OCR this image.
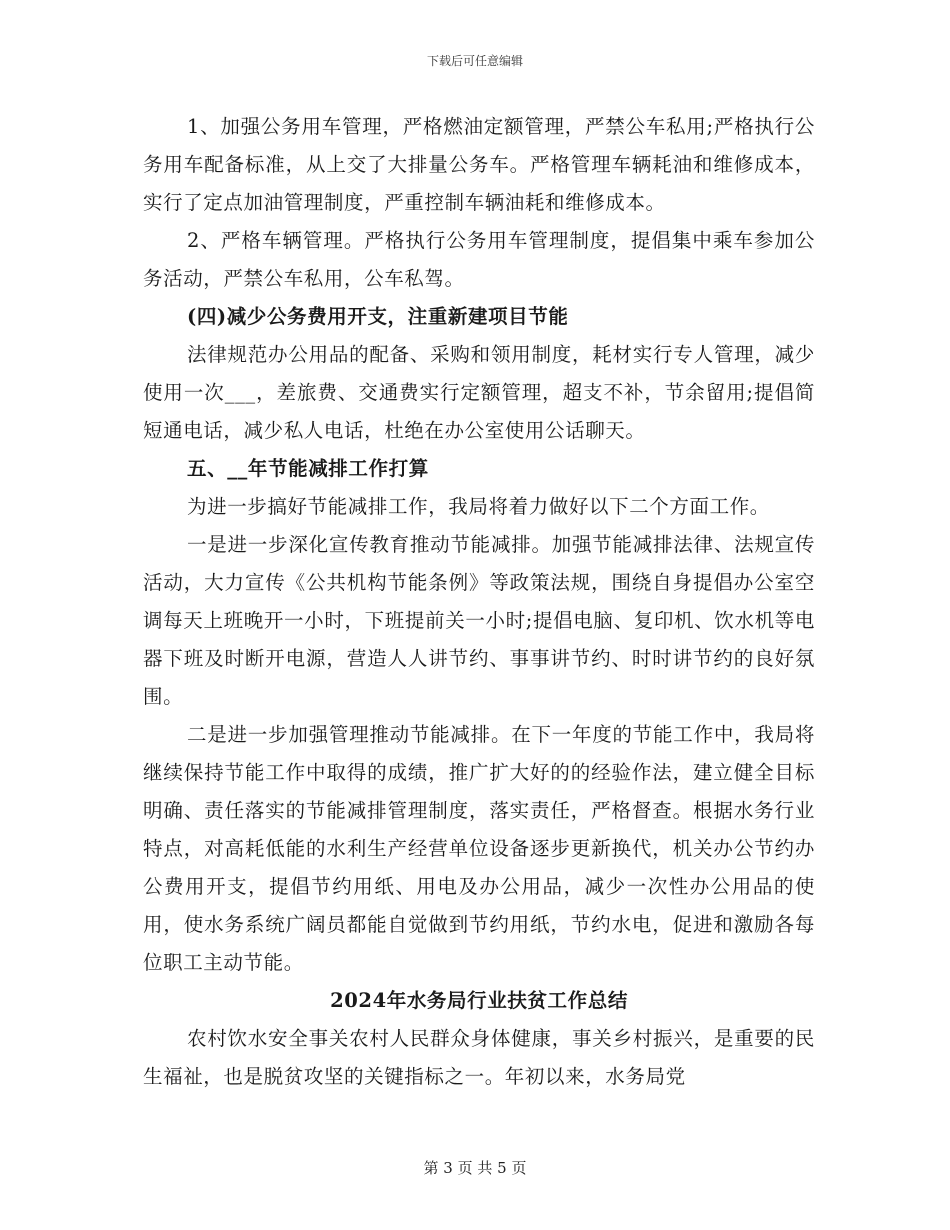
下载后可任意编辑

1、加强公务用车管理，严格燃油定额管理，严禁公车私用;严格执行公务用车配备标准，从上交了大排量公务车。严格管理车辆耗油和维修成本，实行了定点加油管理制度，严重控制车辆油耗和维修成本。

2、严格车辆管理。严格执行公务用车管理制度，提倡集中乘车参加公务活动，严禁公车私用，公车私驾。

(四)减少公务费用开支，注重新建项目节能

法律规范办公用品的配备、采购和领用制度，耗材实行专人管理，减少使用一次___，差旅费、交通费实行定额管理，超支不补，节余留用;提倡简短通电话，减少私人电话，杜绝在办公室使用公话聊天。

五、__年节能减排工作打算

为进一步搞好节能减排工作，我局将着力做好以下二个方面工作。

一是进一步深化宣传教育推动节能减排。加强节能减排法律、法规宣传活动，大力宣传《公共机构节能条例》等政策法规，围绕自身提倡办公室空调每天上班晚开一小时，下班提前关一小时;提倡电脑、复印机、饮水机等电器下班及时断开电源，营造人人讲节约、事事讲节约、时时讲节约的良好氛围。

二是进一步加强管理推动节能减排。在下一年度的节能工作中，我局将继续保持节能工作中取得的成绩，推广扩大好的的经验作法，建立健全目标明确、责任落实的节能减排管理制度，落实责任，严格督查。根据水务行业特点，对高耗低能的水利生产经营单位设备逐步更新换代，机关办公节约办公费用开支，提倡节约用纸、用电及办公用品，减少一次性办公用品的使用，使水务系统广阔员都能自觉做到节约用纸，节约水电，促进和激励各每位职工主动节能。

2024年水务局行业扶贫工作总结

农村饮水安全事关农村人民群众身体健康，事关乡村振兴，是重要的民生福祉，也是脱贫攻坚的关键指标之一。年初以来，水务局党

第 3 页 共 5 页
